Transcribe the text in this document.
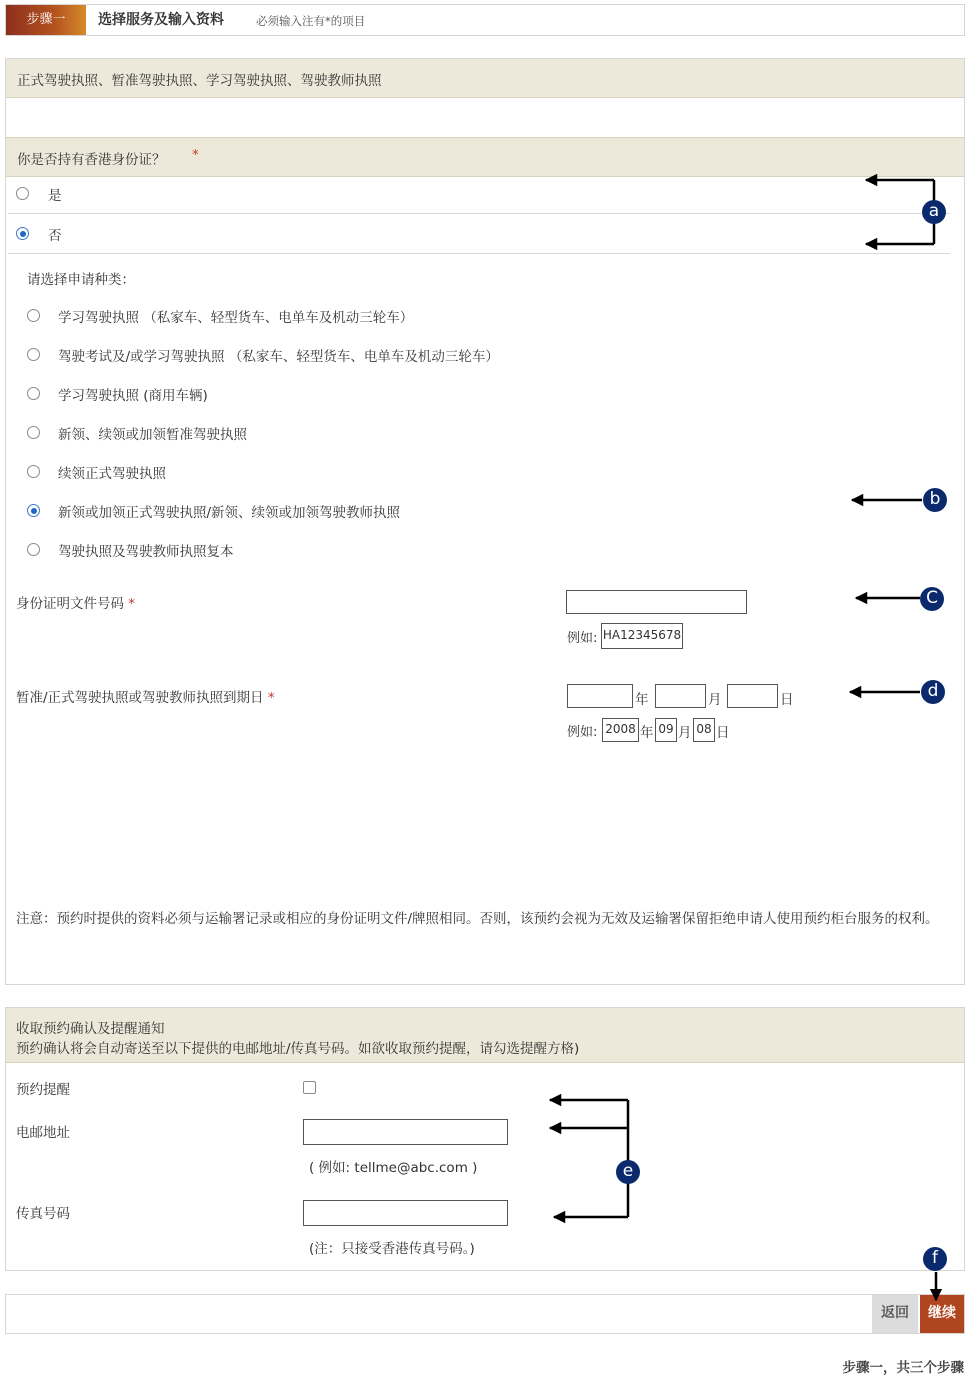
步骤一	选择服务及输入资料	必须输入注有*的项目
正式驾驶执照、暂准驾驶执照、学习驾驶执照、驾驶教师执照
你是否持有香港身份证？ *
是
否
请选择申请种类：
学习驾驶执照 （私家车、轻型货车、电单车及机动三轮车）
驾驶考试及/或学习驾驶执照 （私家车、轻型货车、电单车及机动三轮车）
学习驾驶执照 (商用车辆)
新领、续领或加领暂准驾驶执照
续领正式驾驶执照
新领或加领正式驾驶执照/新领、续领或加领驾驶教师执照
驾驶执照及驾驶教师执照复本
身份证明文件号码 *
例如: HA12345678
暂准/正式驾驶执照或驾驶教师执照到期日 *	年	月	日
例如: 2008 年 09 月 08 日
注意：预约时提供的资料必须与运输署记录或相应的身份证明文件/牌照相同。否则，该预约会视为无效及运输署保留拒绝申请人使用预约柜台服务的权利。
收取预约确认及提醒通知
预约确认将会自动寄送至以下提供的电邮地址/传真号码。如欲收取预约提醒，请勾选提醒方格)
预约提醒
电邮地址
( 例如: tellme@abc.com )
传真号码
(注：只接受香港传真号码。)
返回	继续
步骤一，共三个步骤
a
b
C
d
e
f
